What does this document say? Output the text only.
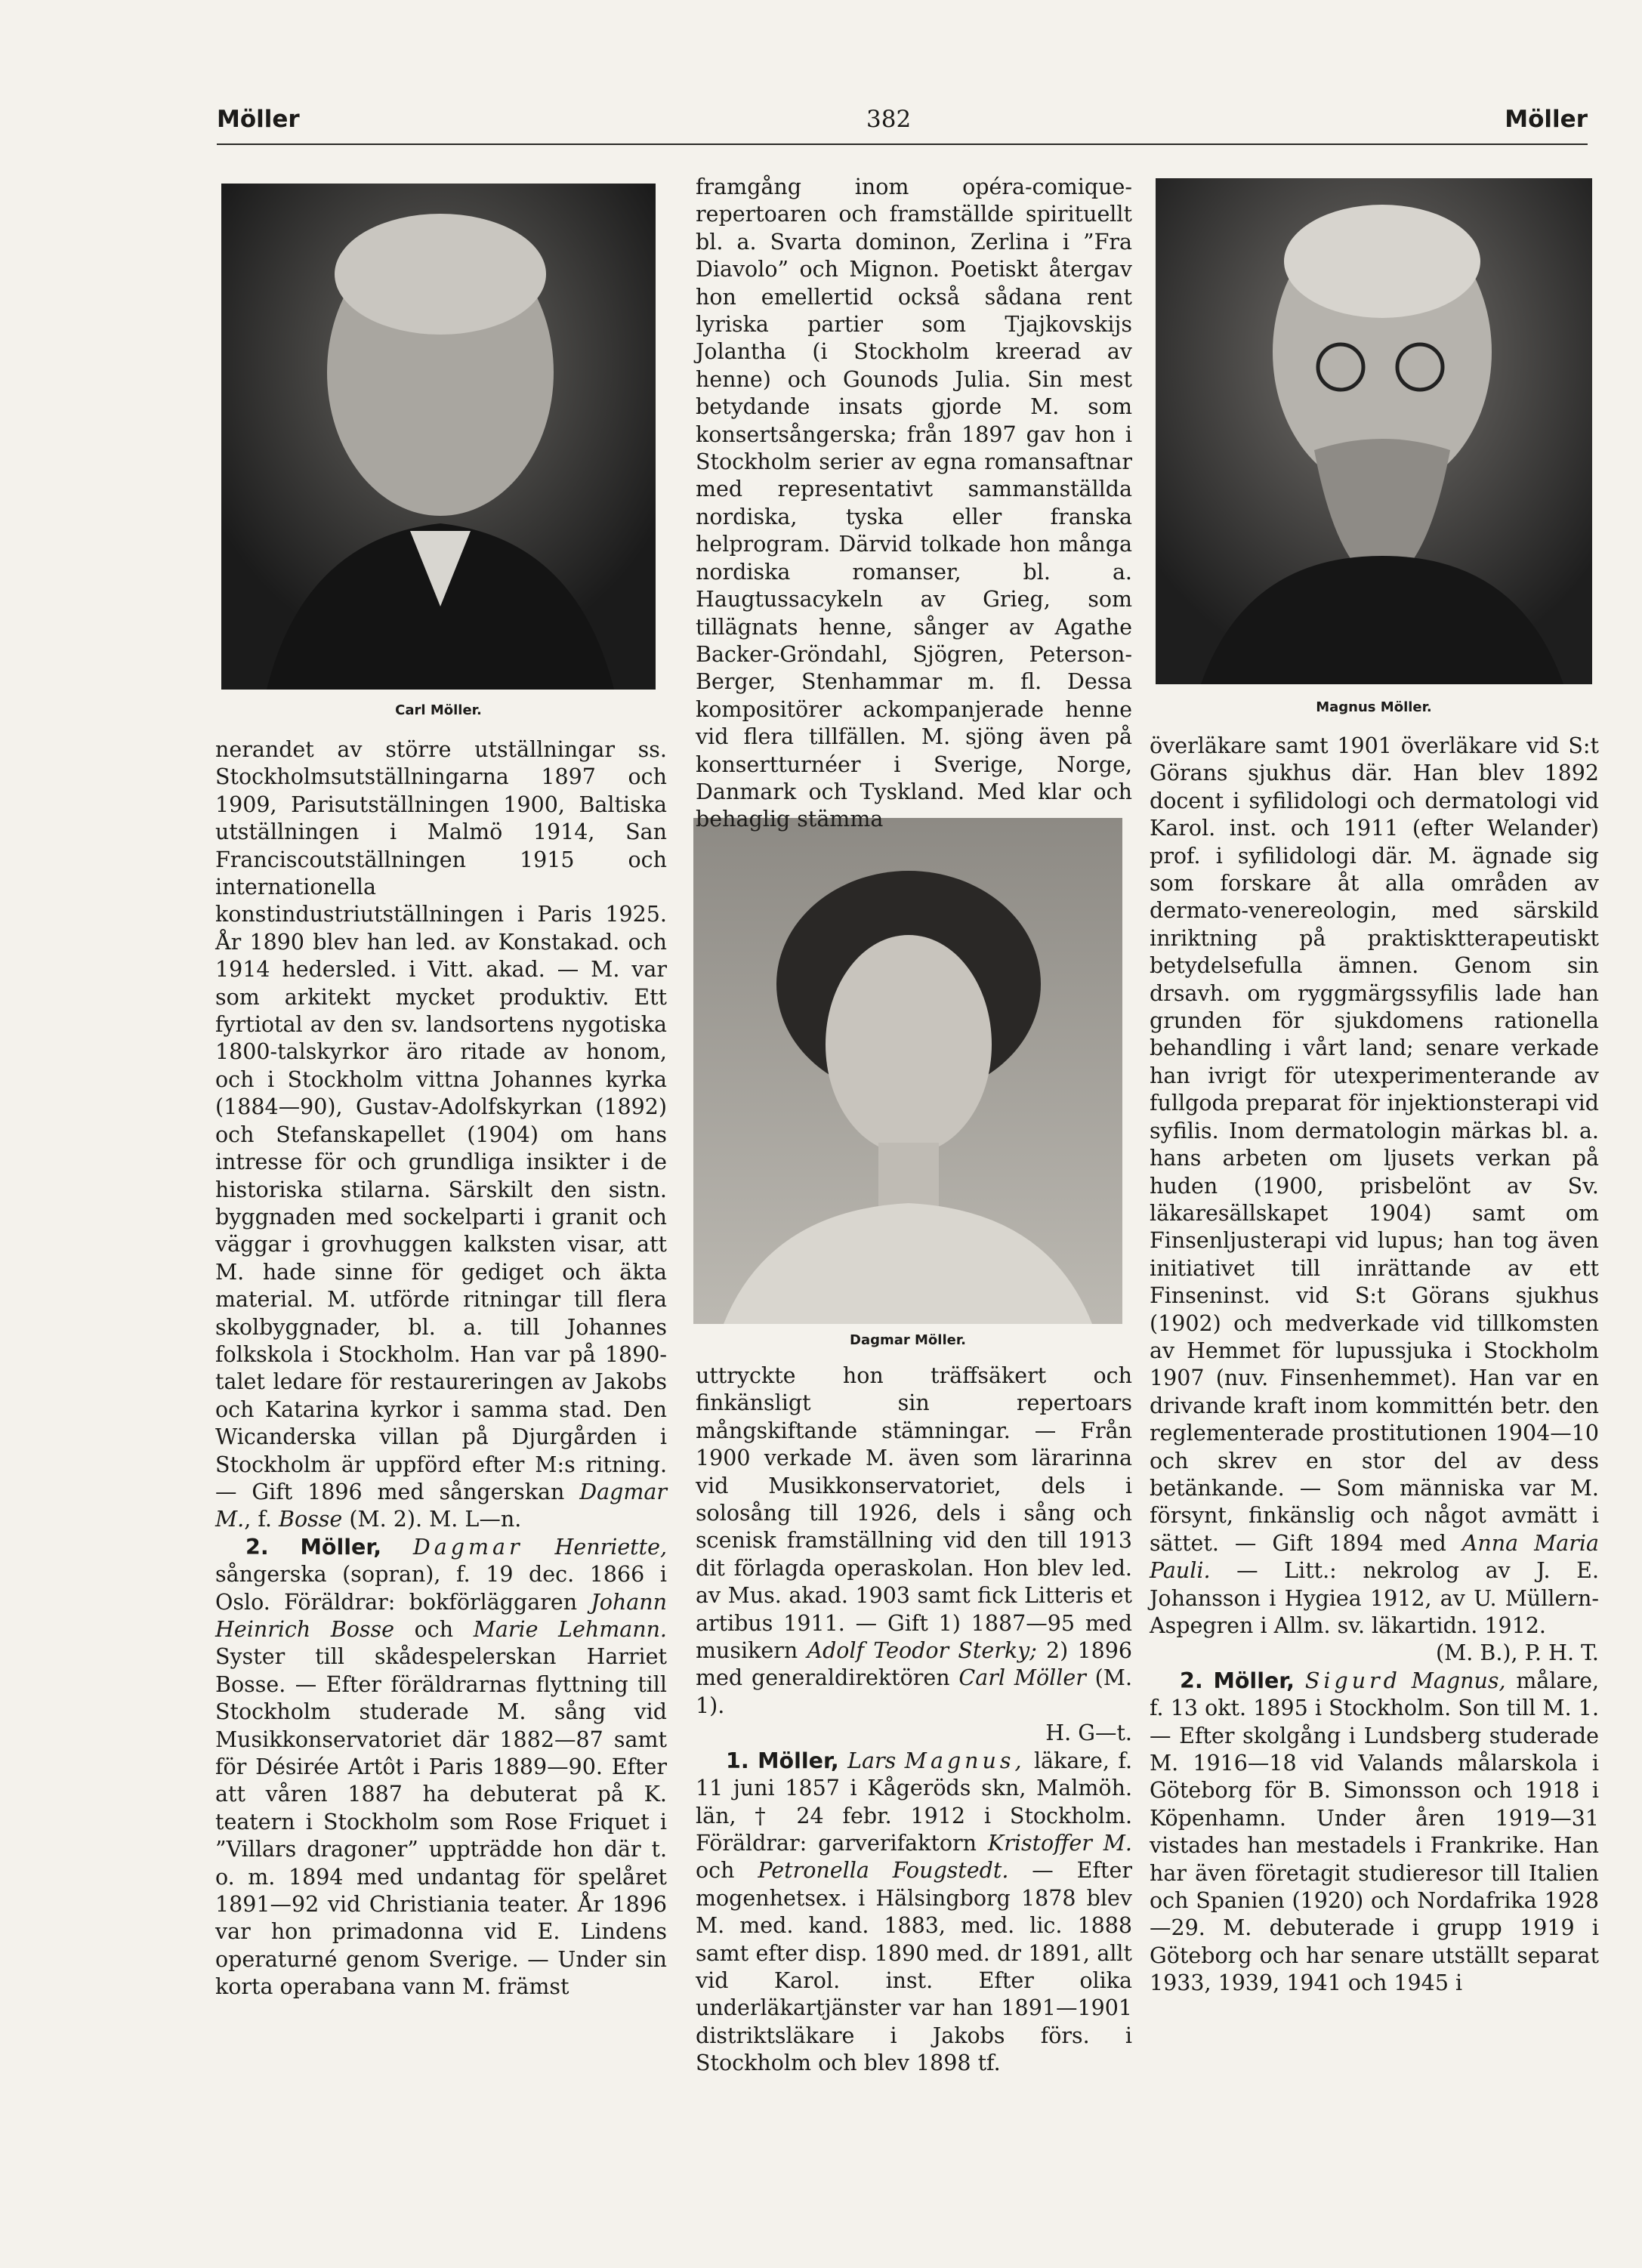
Möller	382	Möller
Carl Möller.	Magnus Möller.
Dagmar Möller.

nerandet av större utställningar ss. Stockholmsutställningarna 1897 och 1909, Parisutställningen 1900, Baltiska utställningen i Malmö 1914, San Franciscoutställningen 1915 och internationella konstindustriutställningen i Paris 1925. År 1890 blev han led. av Konstakad. och 1914 hedersled. i Vitt. akad. — M. var som arkitekt mycket produktiv. Ett fyrtiotal av den sv. landsortens nygotiska 1800-talskyrkor äro ritade av honom, och i Stockholm vittna Johannes kyrka (1884—90), Gustav-Adolfskyrkan (1892) och Stefanskapellet (1904) om hans intresse för och grundliga insikter i de historiska stilarna. Särskilt den sistn. byggnaden med sockelparti i granit och väggar i grovhuggen kalksten visar, att M. hade sinne för gediget och äkta material. M. utförde ritningar till flera skolbyggnader, bl. a. till Johannes folkskola i Stockholm. Han var på 1890-talet ledare för restaureringen av Jakobs och Katarina kyrkor i samma stad. Den Wicanderska villan på Djurgården i Stockholm är uppförd efter M:s ritning. — Gift 1896 med sångerskan Dagmar M., f. Bosse (M. 2). M. L—n.

2. Möller, Dagmar Henriette, sångerska (sopran), f. 19 dec. 1866 i Oslo. Föräldrar: bokförläggaren Johann Heinrich Bosse och Marie Lehmann. Syster till skådespelerskan Harriet Bosse. — Efter föräldrarnas flyttning till Stockholm studerade M. sång vid Musikkonservatoriet där 1882—87 samt för Désirée Artôt i Paris 1889—90. Efter att våren 1887 ha debuterat på K. teatern i Stockholm som Rose Friquet i ”Villars dragoner” uppträdde hon där t. o. m. 1894 med undantag för spelåret 1891—92 vid Christiania teater. År 1896 var hon primadonna vid E. Lindens operaturné genom Sverige. — Under sin korta operabana vann M. främst

framgång inom opéra-comique-repertoaren och framställde spirituellt bl. a. Svarta dominon, Zerlina i ”Fra Diavolo” och Mignon. Poetiskt återgav hon emellertid också sådana rent lyriska partier som Tjajkovskijs Jolantha (i Stockholm kreerad av henne) och Gounods Julia. Sin mest betydande insats gjorde M. som konsertsångerska; från 1897 gav hon i Stockholm serier av egna romansaftnar med representativt sammanställda nordiska, tyska eller franska helprogram. Därvid tolkade hon många nordiska romanser, bl. a. Haugtussacykeln av Grieg, som tillägnats henne, sånger av Agathe Backer-Gröndahl, Sjögren, Peterson-Berger, Stenhammar m. fl. Dessa kompositörer ackompanjerade henne vid flera tillfällen. M. sjöng även på konsertturnéer i Sverige, Norge, Danmark och Tyskland. Med klar och behaglig stämma

uttryckte hon träffsäkert och finkänsligt sin repertoars mångskiftande stämningar. — Från 1900 verkade M. även som lärarinna vid Musikkonservatoriet, dels i solosång till 1926, dels i sång och scenisk framställning vid den till 1913 dit förlagda operaskolan. Hon blev led. av Mus. akad. 1903 samt fick Litteris et artibus 1911. — Gift 1) 1887—95 med musikern Adolf Teodor Sterky; 2) 1896 med generaldirektören Carl Möller (M. 1).
H. G—t.

1. Möller, Lars Magnus, läkare, f. 11 juni 1857 i Kågeröds skn, Malmöh. län, † 24 febr. 1912 i Stockholm. Föräldrar: garverifaktorn Kristoffer M. och Petronella Fougstedt. — Efter mogenhetsex. i Hälsingborg 1878 blev M. med. kand. 1883, med. lic. 1888 samt efter disp. 1890 med. dr 1891, allt vid Karol. inst. Efter olika underläkartjänster var han 1891—1901 distriktsläkare i Jakobs förs. i Stockholm och blev 1898 tf.

överläkare samt 1901 överläkare vid S:t Görans sjukhus där. Han blev 1892 docent i syfilidologi och dermatologi vid Karol. inst. och 1911 (efter Welander) prof. i syfilidologi där. M. ägnade sig som forskare åt alla områden av dermato-venereologin, med särskild inriktning på praktisktterapeutiskt betydelsefulla ämnen. Genom sin drsavh. om ryggmärgssyfilis lade han grunden för sjukdomens rationella behandling i vårt land; senare verkade han ivrigt för utexperimenterande av fullgoda preparat för injektionsterapi vid syfilis. Inom dermatologin märkas bl. a. hans arbeten om ljusets verkan på huden (1900, prisbelönt av Sv. läkaresällskapet 1904) samt om Finsenljusterapi vid lupus; han tog även initiativet till inrättande av ett Finseninst. vid S:t Görans sjukhus (1902) och medverkade vid tillkomsten av Hemmet för lupussjuka i Stockholm 1907 (nuv. Finsenhemmet). Han var en drivande kraft inom kommittén betr. den reglementerade prostitutionen 1904—10 och skrev en stor del av dess betänkande. — Som människa var M. försynt, finkänslig och något avmätt i sättet. — Gift 1894 med Anna Maria Pauli. — Litt.: nekrolog av J. E. Johansson i Hygiea 1912, av U. Müllern-Aspegren i Allm. sv. läkartidn. 1912.
(M. B.), P. H. T.

2. Möller, Sigurd Magnus, målare, f. 13 okt. 1895 i Stockholm. Son till M. 1. — Efter skolgång i Lundsberg studerade M. 1916—18 vid Valands målarskola i Göteborg för B. Simonsson och 1918 i Köpenhamn. Under åren 1919—31 vistades han mestadels i Frankrike. Han har även företagit studieresor till Italien och Spanien (1920) och Nordafrika 1928—29. M. debuterade i grupp 1919 i Göteborg och har senare utställt separat 1933, 1939, 1941 och 1945 i
